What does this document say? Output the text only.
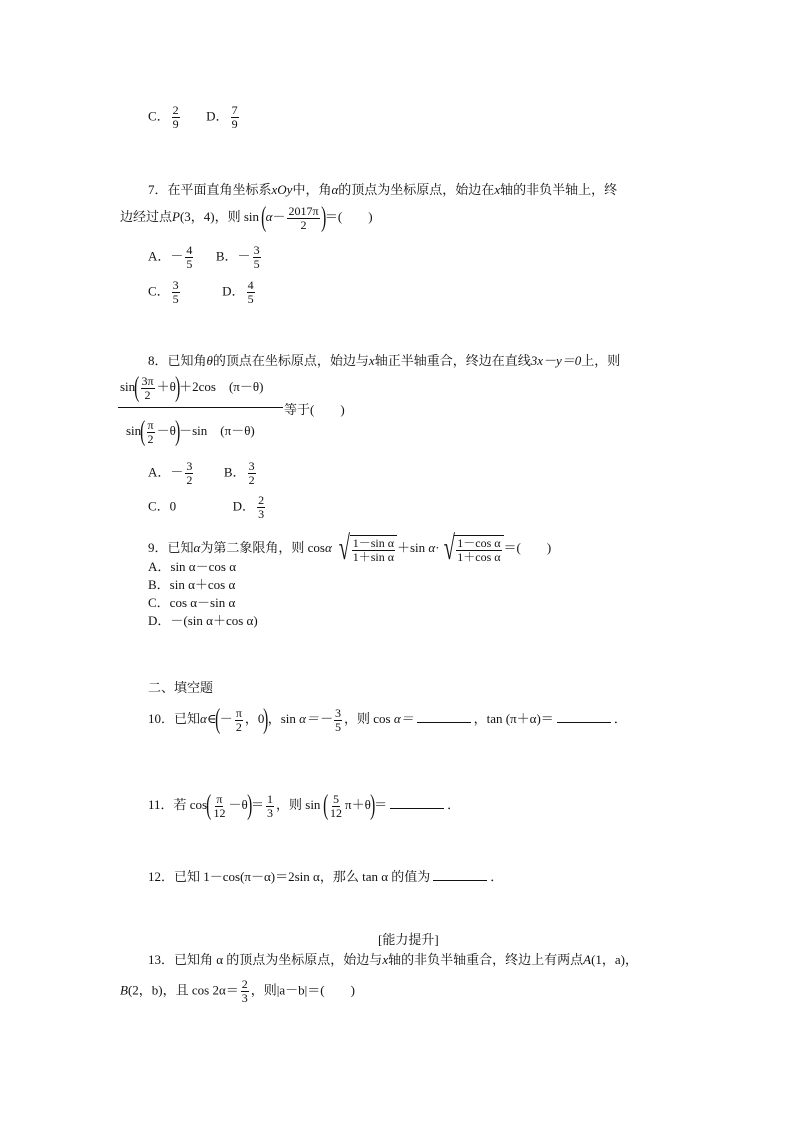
C． $\frac{2}{9}$ D． $\frac{7}{9}$
7．在平面直角坐标系xOy中，角α的顶点为坐标原点，始边在x轴的非负半轴上，终
边经过点P(3，4)，则 $\sin (\alpha- \frac{2017\pi}{2}$ )＝(　　)
A．－ $\frac{4}{5}$ B．－ $\frac{3}{5}$
C． $\frac{3}{5}$	D． $\frac{4}{5}$
8．已知角θ的顶点在坐标原点，始边与x轴正半轴重合，终边在直线3x－y＝0上，则
$\sin( \frac{3\pi}{2} +\theta)+2\cos$　(π－θ)
等于(　　)
$\sin( \frac{\pi}{2} -\theta)-\sin$　(π－θ)
A．－ $\frac{3}{2}$ B． $\frac{3}{2}$
C．0	D． $\frac{2}{3}$
9．已知α为第二象限角，则 cosα √ $\frac{\text{1－sin α}}{\text{1＋sin α}} +\sin$ α· √ $\frac{\text{1－cos α}}{\text{1＋cos α}}$ ＝(　　)
A．sin α－cos α
B．sin α＋cos α
C．cos α－sin α
D．－(sin α＋cos α)
二、填空题
10．已知α∈(－ $\frac{\pi}{2}$ ，0)，$\sin \alpha=- \frac{3}{5}$ ，则 cos α＝	，tan (π＋α)＝	．
11．若 $\cos( \frac{\pi}{12} -\theta)= \frac{1}{3}$ ，则 sin ( $\frac{5}{12} \pi+\theta)=$	．
12．已知 1－cos(π－α)＝2sin α，那么 tan α 的值为	．
[能力提升]
13．已知角 α 的顶点为坐标原点，始边与x轴的非负半轴重合，终边上有两点A(1，a)，
B(2，b)，且 $\cos 2\alpha= \frac{2}{3}$ ，则|a－b|＝(　　)
